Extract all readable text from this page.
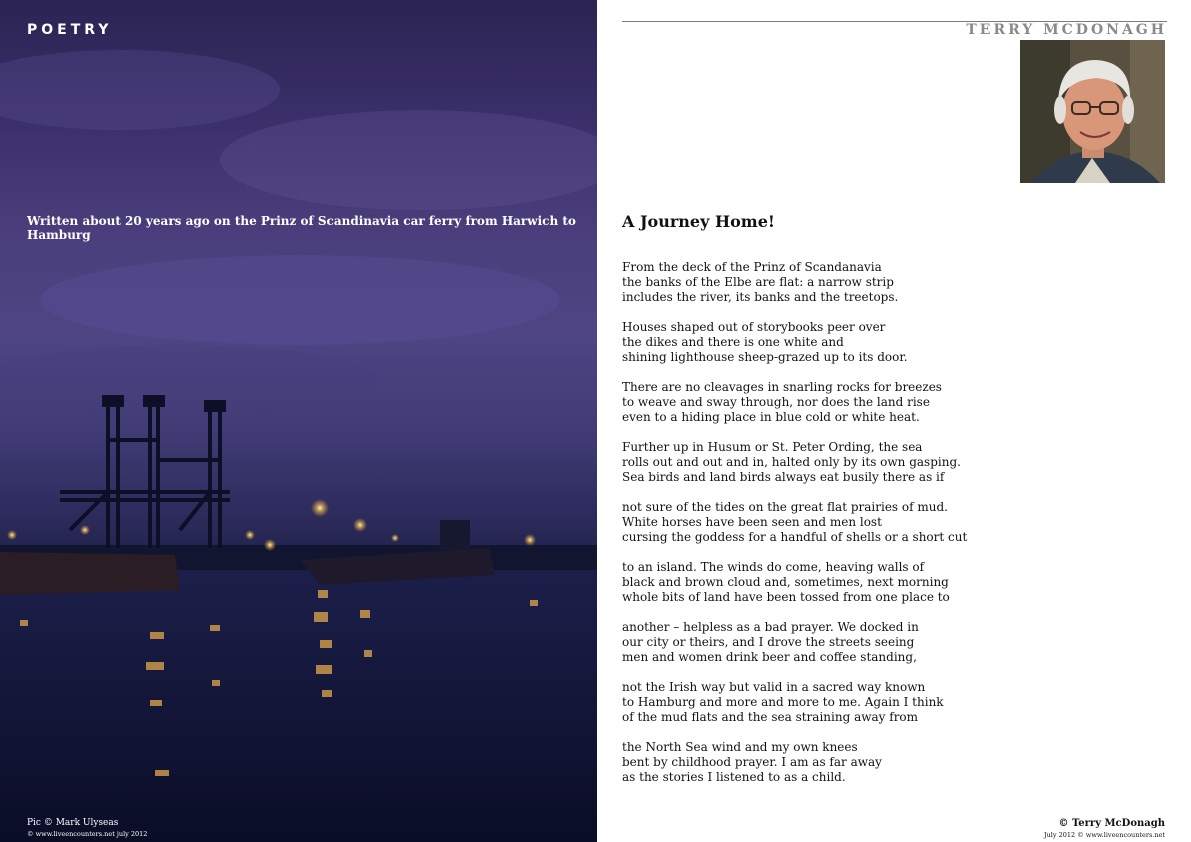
POETRY
Written about 20 years ago on the Prinz of Scandinavia car ferry from Harwich to Hamburg
Pic © Mark Ulyseas
© www.liveencounters.net july 2012
TERRY MCDONAGH
A Journey Home!
From the deck of the Prinz of Scandanavia
the banks of the Elbe are flat: a narrow strip
includes the river, its banks and the treetops.
Houses shaped out of storybooks peer over
the dikes and there is one white and
shining lighthouse sheep-grazed up to its door.
There are no cleavages in snarling rocks for breezes
to weave and sway through, nor does the land rise
even to a hiding place in blue cold or white heat.
Further up in Husum or St. Peter Ording, the sea
rolls out and out and in, halted only by its own gasping.
Sea birds and land birds always eat busily there as if
not sure of the tides on the great flat prairies of mud.
White horses have been seen and men lost
cursing the goddess for a handful of shells or a short cut
to an island. The winds do come, heaving walls of
black and brown cloud and, sometimes, next morning
whole bits of land have been tossed from one place to
another – helpless as a bad prayer. We docked in
our city or theirs, and I drove the streets seeing
men and women drink beer and coffee standing,
not the Irish way but valid in a sacred way known
to Hamburg and more and more to me. Again I think
of the mud flats and the sea straining away from
the North Sea wind and my own knees
bent by childhood prayer. I am as far away
as the stories I listened to as a child.
© Terry McDonagh
July 2012 © www.liveencounters.net
